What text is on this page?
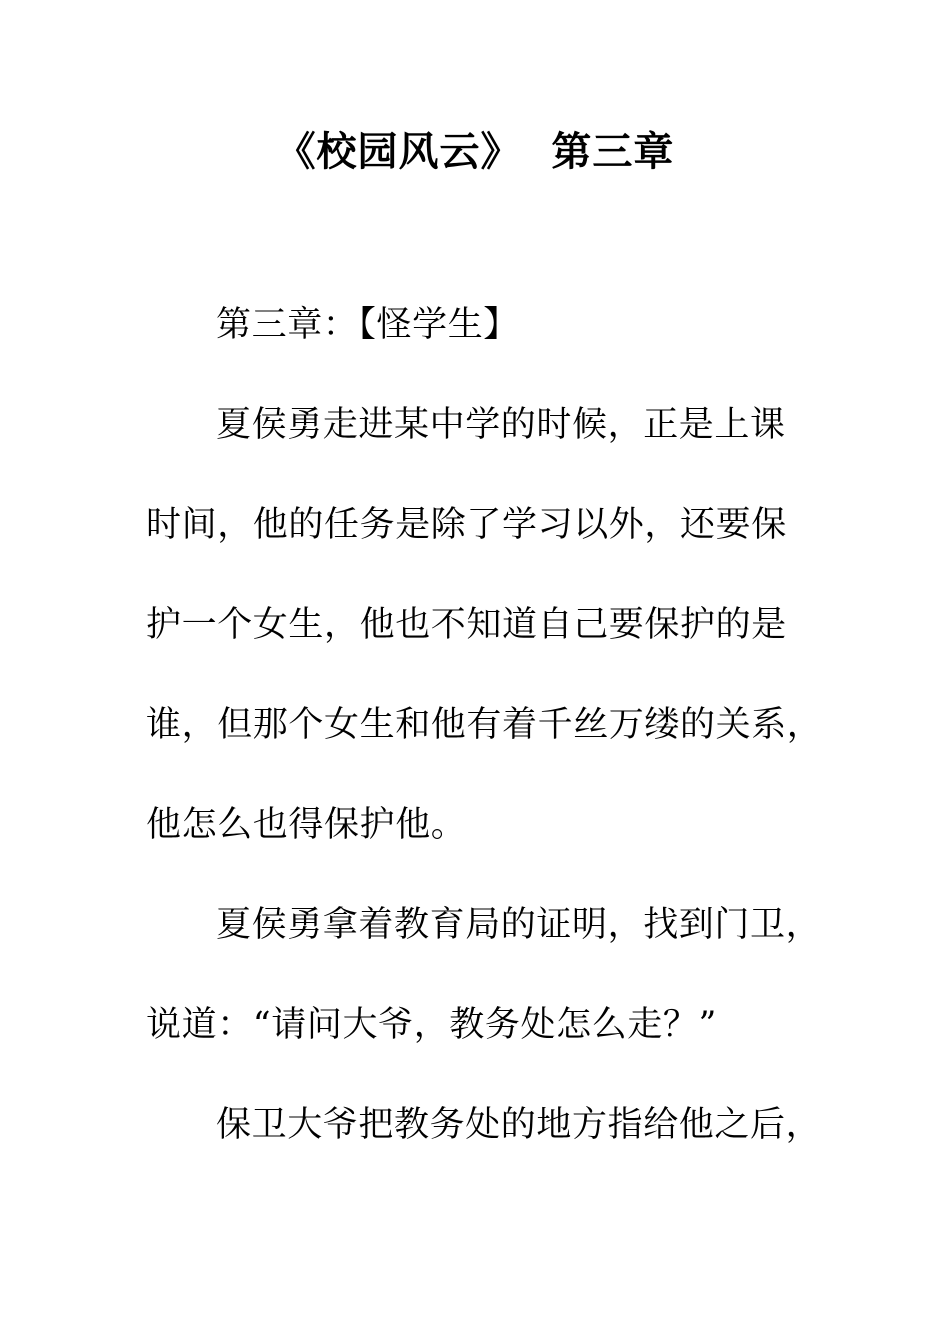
《校园风云》  第三章
第三章：【怪学生】
夏侯勇走进某中学的时候，正是上课
时间，他的任务是除了学习以外，还要保
护一个女生，他也不知道自己要保护的是
谁，但那个女生和他有着千丝万缕的关系，
他怎么也得保护他。
夏侯勇拿着教育局的证明，找到门卫，
说道：“请问大爷，教务处怎么走？”
保卫大爷把教务处的地方指给他之后，
